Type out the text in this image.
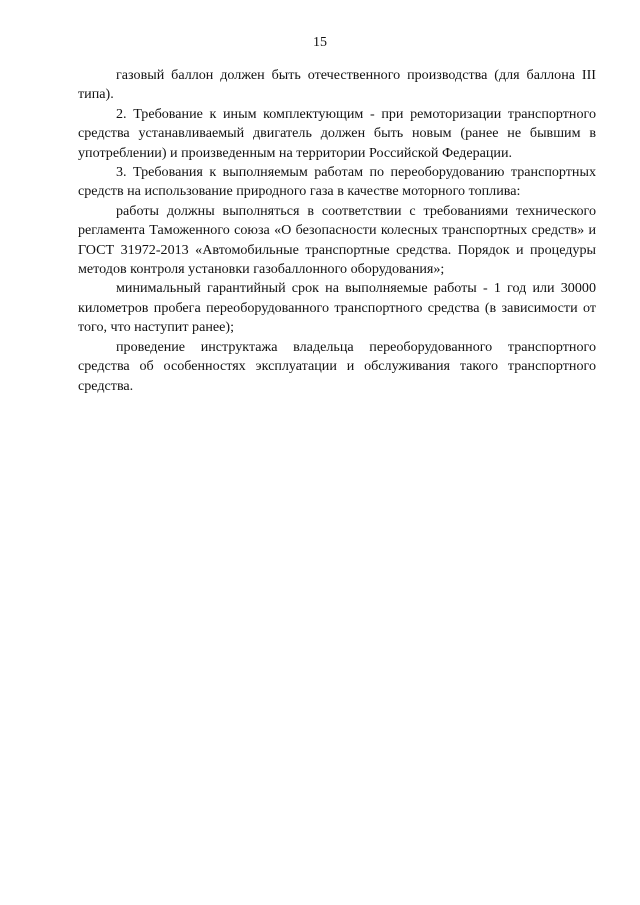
15

газовый баллон должен быть отечественного производства (для баллона III типа).

2. Требование к иным комплектующим - при ремоторизации транспортного средства устанавливаемый двигатель должен быть новым (ранее не бывшим в употреблении) и произведенным на территории Российской Федерации.

3. Требования к выполняемым работам по переоборудованию транспортных средств на использование природного газа в качестве моторного топлива:

работы должны выполняться в соответствии с требованиями технического регламента Таможенного союза «О безопасности колесных транспортных средств» и ГОСТ 31972-2013 «Автомобильные транспортные средства. Порядок и процедуры методов контроля установки газобаллонного оборудования»;

минимальный гарантийный срок на выполняемые работы - 1 год или 30000 километров пробега переоборудованного транспортного средства (в зависимости от того, что наступит ранее);

проведение инструктажа владельца переоборудованного транспортного средства об особенностях эксплуатации и обслуживания такого транспортного средства.
